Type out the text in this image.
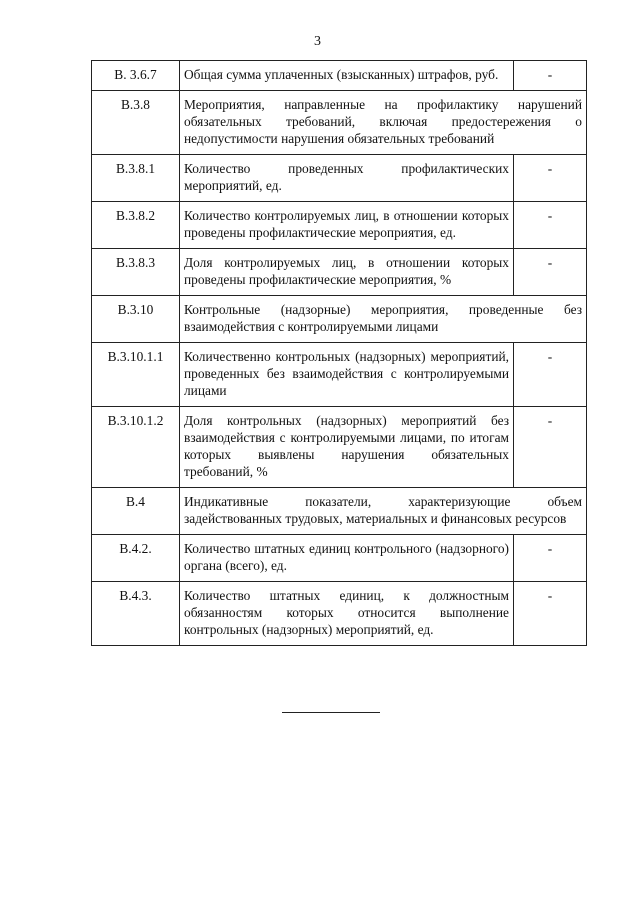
3
В. 3.6.7	Общая сумма уплаченных (взысканных) штрафов, руб.	-
В.3.8	Мероприятия, направленные на профилактику нарушений обязательных требований, включая предостережения о недопустимости нарушения обязательных требований	
В.3.8.1	Количество проведенных профилактических мероприятий, ед.	-
В.3.8.2	Количество контролируемых лиц, в отношении которых проведены профилактические мероприятия, ед.	-
В.3.8.3	Доля контролируемых лиц, в отношении которых проведены профилактические мероприятия, %	-
В.3.10	Контрольные (надзорные) мероприятия, проведенные без взаимодействия с контролируемыми лицами	
В.3.10.1.1	Количественно контрольных (надзорных) мероприятий, проведенных без взаимодействия с контролируемыми лицами	-
В.3.10.1.2	Доля контрольных (надзорных) мероприятий без взаимодействия с контролируемыми лицами, по итогам которых выявлены нарушения обязательных требований, %	-
В.4	Индикативные показатели, характеризующие объем задействованных трудовых, материальных и финансовых ресурсов	
В.4.2.	Количество штатных единиц контрольного (надзорного) органа (всего), ед.	-
В.4.3.	Количество штатных единиц, к должностным обязанностям которых относится выполнение контрольных (надзорных) мероприятий, ед.	-
